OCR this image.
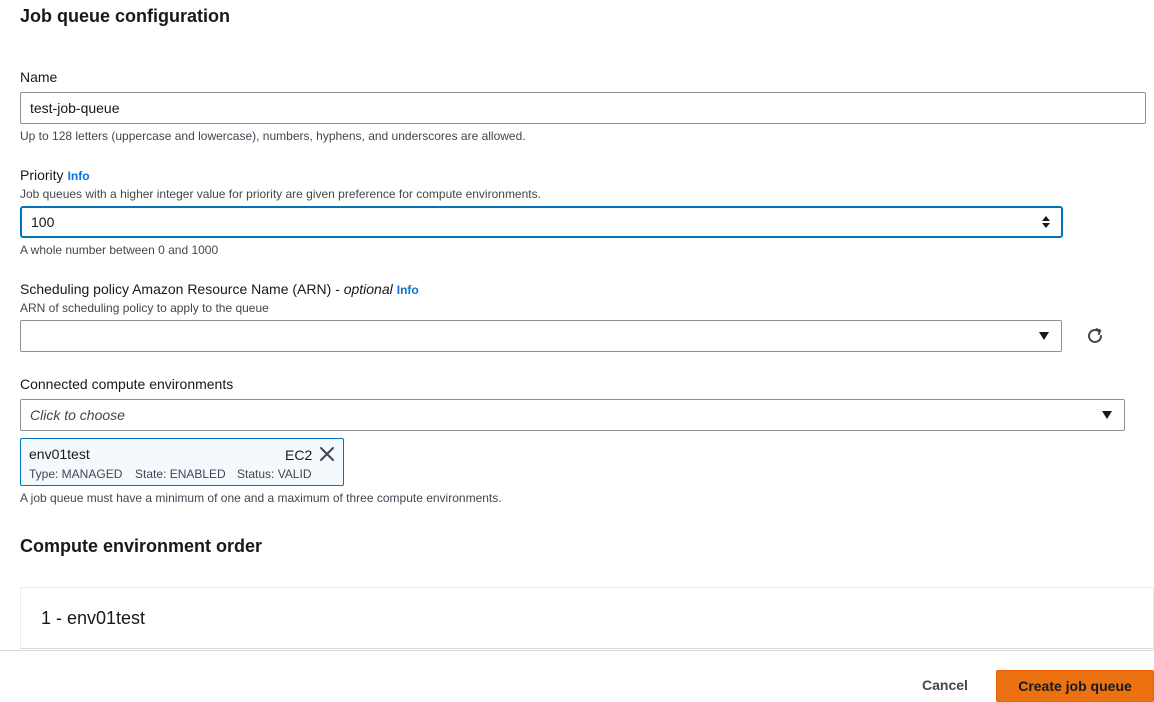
Job queue configuration
Name
test-job-queue
Up to 128 letters (uppercase and lowercase), numbers, hyphens, and underscores are allowed.
Priority Info
Job queues with a higher integer value for priority are given preference for compute environments.
100
A whole number between 0 and 1000
Scheduling policy Amazon Resource Name (ARN) - optional Info
ARN of scheduling policy to apply to the queue
Connected compute environments
Click to choose
env01test	EC2
Type: MANAGED State: ENABLED Status: VALID
A job queue must have a minimum of one and a maximum of three compute environments.
Compute environment order
1 - env01test
Cancel	Create job queue
